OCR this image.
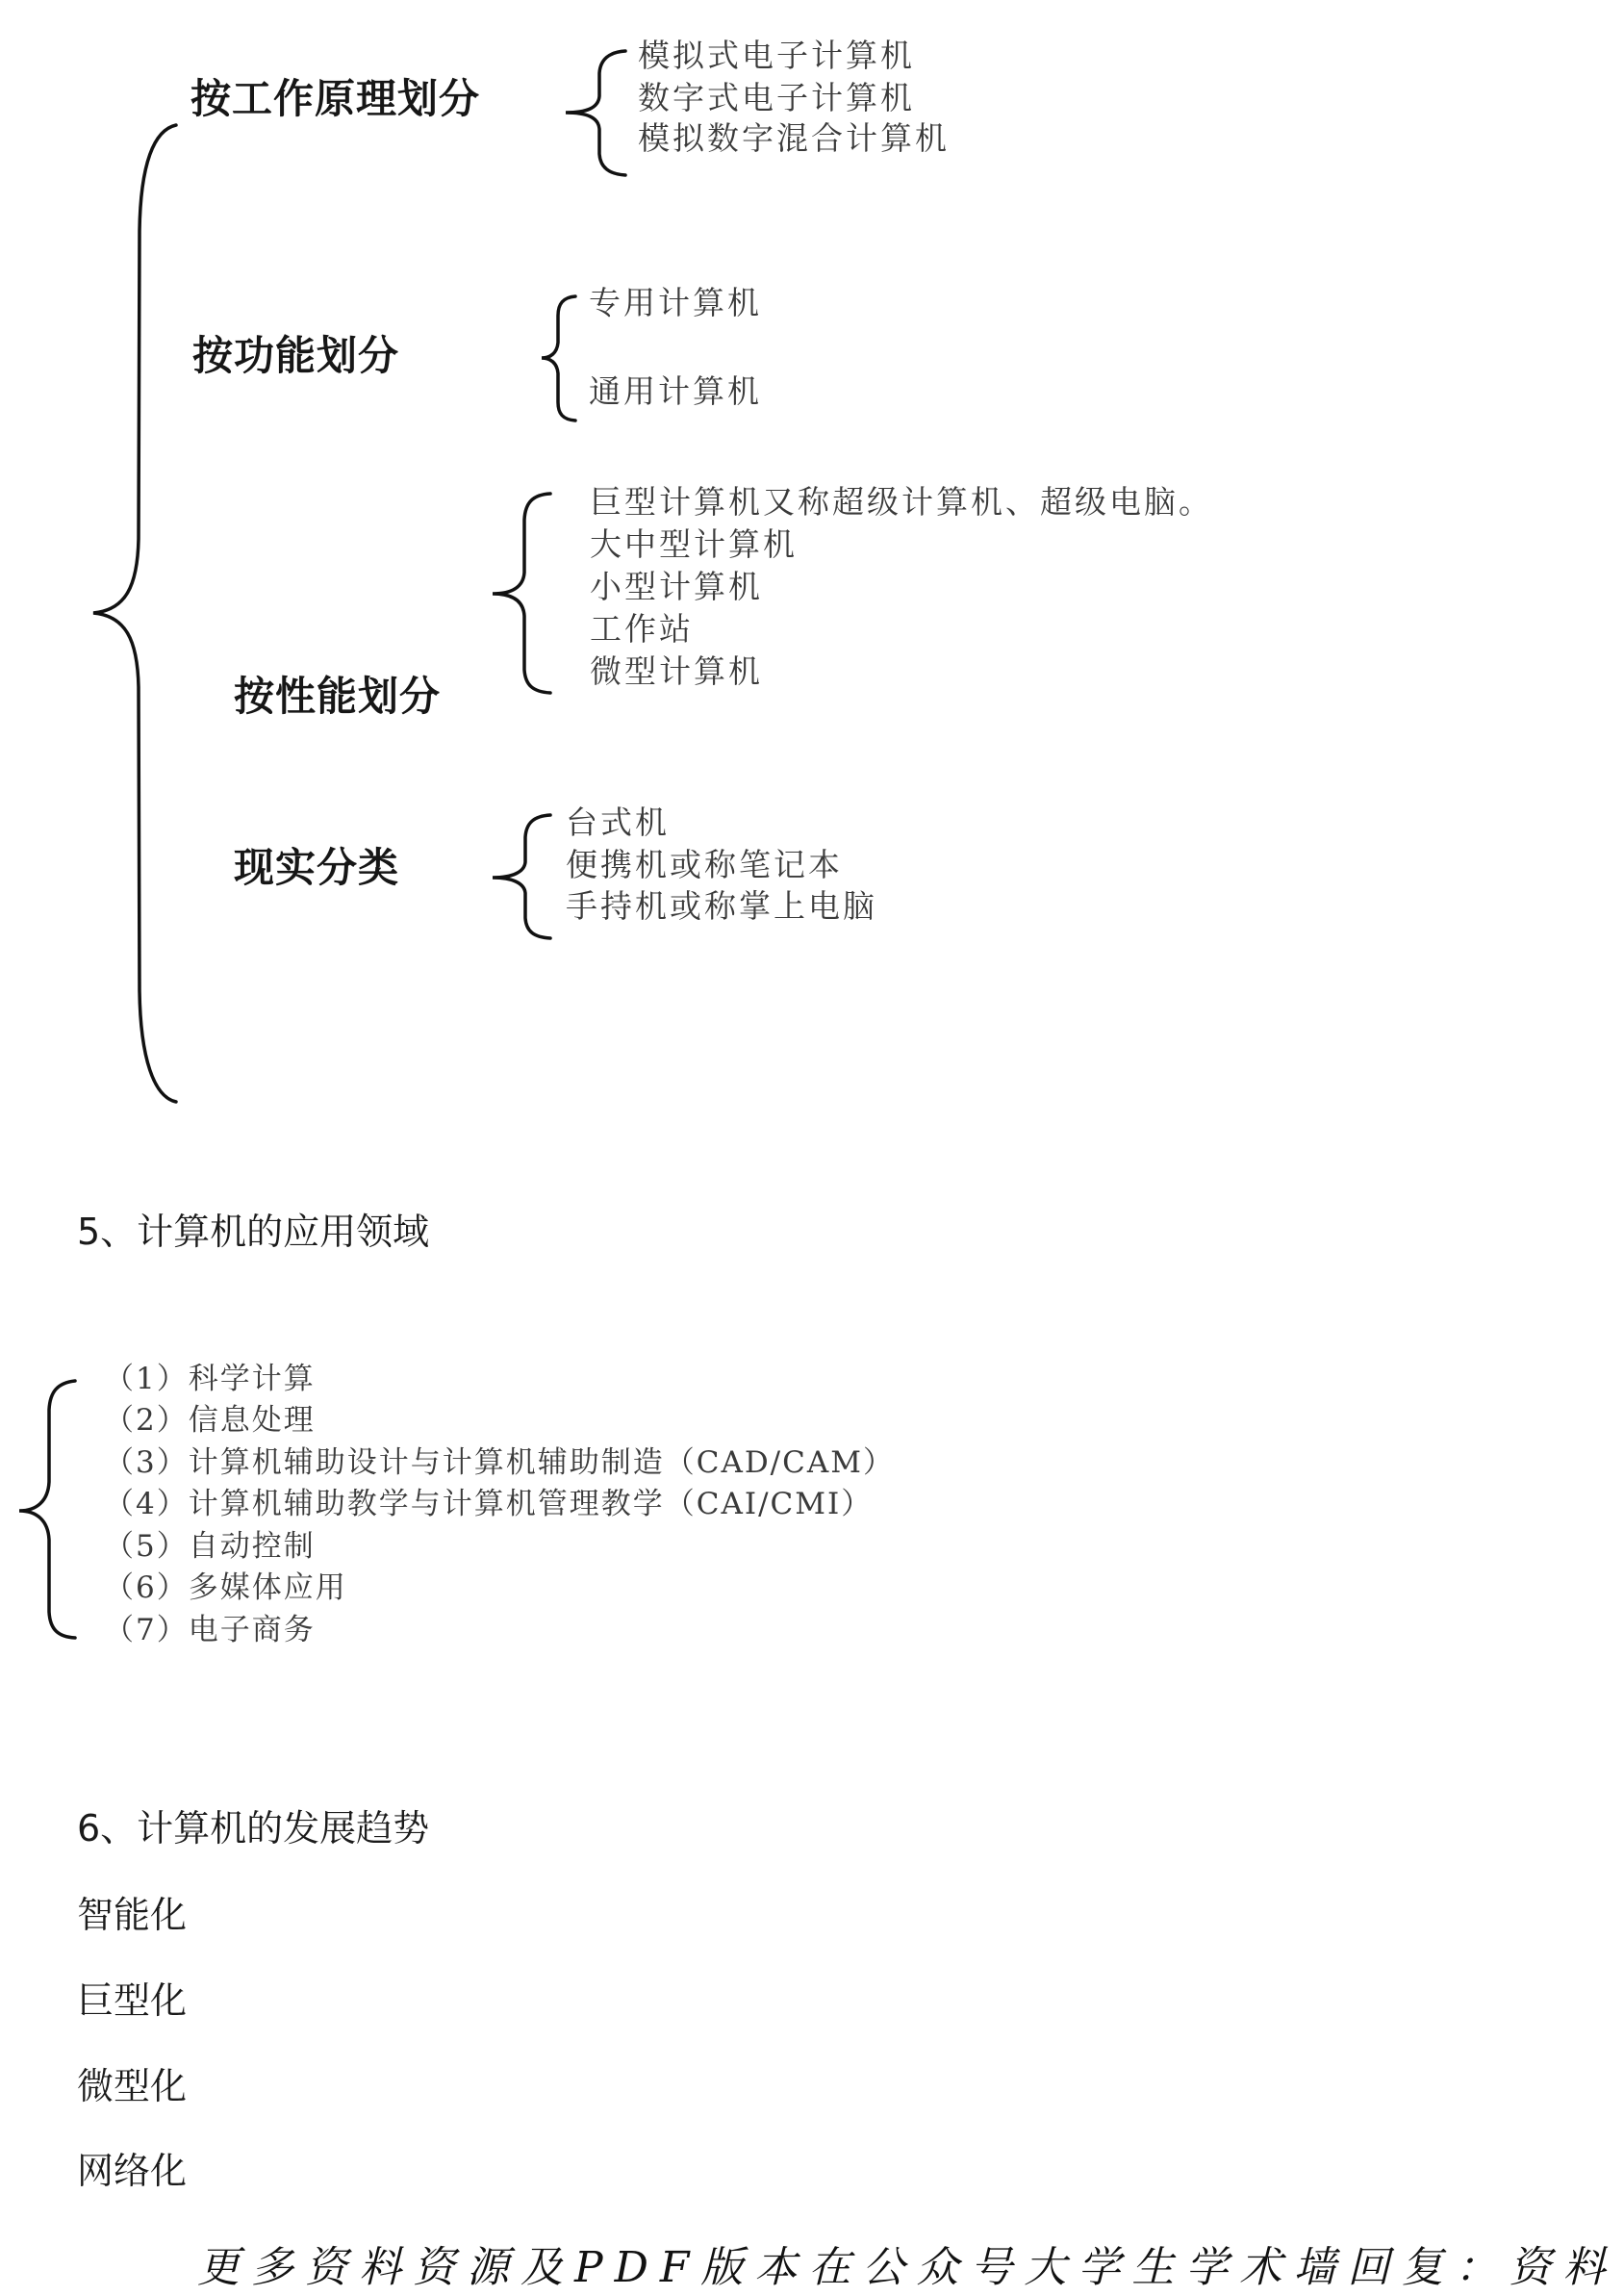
按工作原理划分
模拟式电子计算机
数字式电子计算机
模拟数字混合计算机
按功能划分
专用计算机
通用计算机
按性能划分
巨型计算机又称超级计算机、超级电脑。
大中型计算机
小型计算机
工作站
微型计算机
现实分类
台式机
便携机或称笔记本
手持机或称掌上电脑
5、计算机的应用领域
（1）科学计算
（2）信息处理
（3）计算机辅助设计与计算机辅助制造（CAD/CAM）
（4）计算机辅助教学与计算机管理教学（CAI/CMI）
（5）自动控制
（6）多媒体应用
（7）电子商务
6、计算机的发展趋势
智能化
巨型化
微型化
网络化
更多资料资源及PDF版本在公众号大学生学术墙回复：资料
